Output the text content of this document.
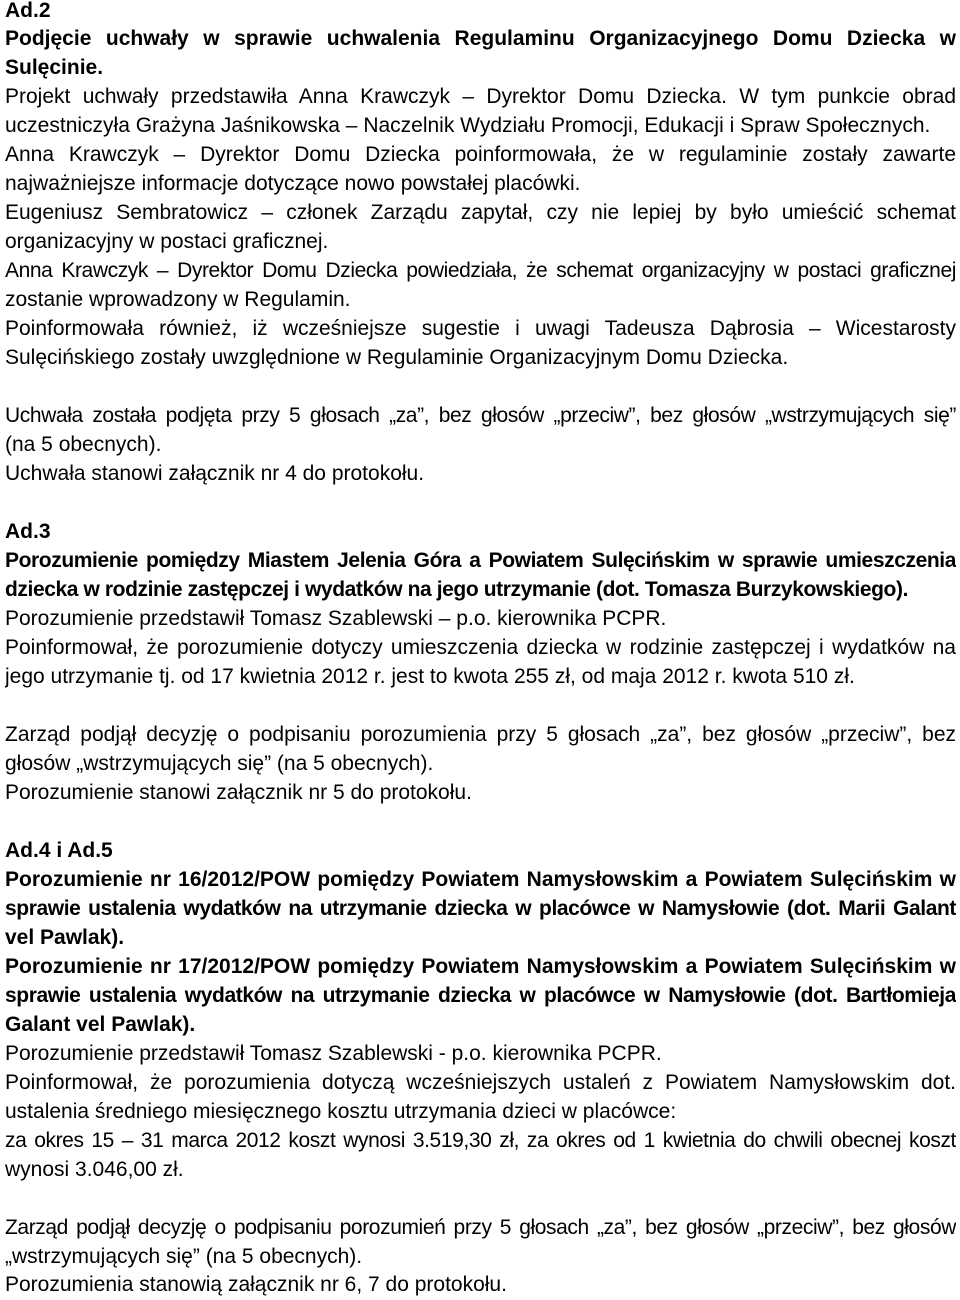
Ad.2
Podjęcie uchwały w sprawie uchwalenia Regulaminu Organizacyjnego Domu Dziecka w
Sulęcinie.
Projekt uchwały przedstawiła Anna Krawczyk – Dyrektor Domu Dziecka. W tym punkcie obrad
uczestniczyła Grażyna Jaśnikowska – Naczelnik Wydziału Promocji, Edukacji i Spraw Społecznych.
Anna Krawczyk – Dyrektor Domu Dziecka poinformowała, że w regulaminie zostały zawarte
najważniejsze informacje dotyczące nowo powstałej placówki.
Eugeniusz Sembratowicz – członek Zarządu zapytał, czy nie lepiej by było umieścić schemat
organizacyjny w postaci graficznej.
Anna Krawczyk – Dyrektor Domu Dziecka powiedziała, że schemat organizacyjny w postaci graficznej
zostanie wprowadzony w Regulamin.
Poinformowała również, iż wcześniejsze sugestie i uwagi Tadeusza Dąbrosia – Wicestarosty
Sulęcińskiego zostały uwzględnione w Regulaminie Organizacyjnym Domu Dziecka.
Uchwała została podjęta przy 5 głosach „za”, bez głosów „przeciw”, bez głosów „wstrzymujących się”
(na 5 obecnych).
Uchwała stanowi załącznik nr 4 do protokołu.
Ad.3
Porozumienie pomiędzy Miastem Jelenia Góra a Powiatem Sulęcińskim w sprawie umieszczenia
dziecka w rodzinie zastępczej i wydatków na jego utrzymanie (dot. Tomasza Burzykowskiego).
Porozumienie przedstawił Tomasz Szablewski – p.o. kierownika PCPR.
Poinformował, że porozumienie dotyczy umieszczenia dziecka w rodzinie zastępczej i wydatków na
jego utrzymanie tj. od 17 kwietnia 2012 r. jest to kwota 255 zł, od maja 2012 r. kwota 510 zł.
Zarząd podjął decyzję o podpisaniu porozumienia przy 5 głosach „za”, bez głosów „przeciw”, bez
głosów „wstrzymujących się” (na 5 obecnych).
Porozumienie stanowi załącznik nr 5 do protokołu.
Ad.4 i Ad.5
Porozumienie nr 16/2012/POW pomiędzy Powiatem Namysłowskim a Powiatem Sulęcińskim w
sprawie ustalenia wydatków na utrzymanie dziecka w placówce w Namysłowie (dot. Marii Galant
vel Pawlak).
Porozumienie nr 17/2012/POW pomiędzy Powiatem Namysłowskim a Powiatem Sulęcińskim w
sprawie ustalenia wydatków na utrzymanie dziecka w placówce w Namysłowie (dot. Bartłomieja
Galant vel Pawlak).
Porozumienie przedstawił Tomasz Szablewski - p.o. kierownika PCPR.
Poinformował, że porozumienia dotyczą wcześniejszych ustaleń z Powiatem Namysłowskim dot.
ustalenia średniego miesięcznego kosztu utrzymania dzieci w placówce:
za okres 15 – 31 marca 2012 koszt wynosi 3.519,30 zł, za okres od 1 kwietnia do chwili obecnej koszt
wynosi 3.046,00 zł.
Zarząd podjął decyzję o podpisaniu porozumień przy 5 głosach „za”, bez głosów „przeciw”, bez głosów
„wstrzymujących się” (na 5 obecnych).
Porozumienia stanowią załącznik nr 6, 7 do protokołu.
